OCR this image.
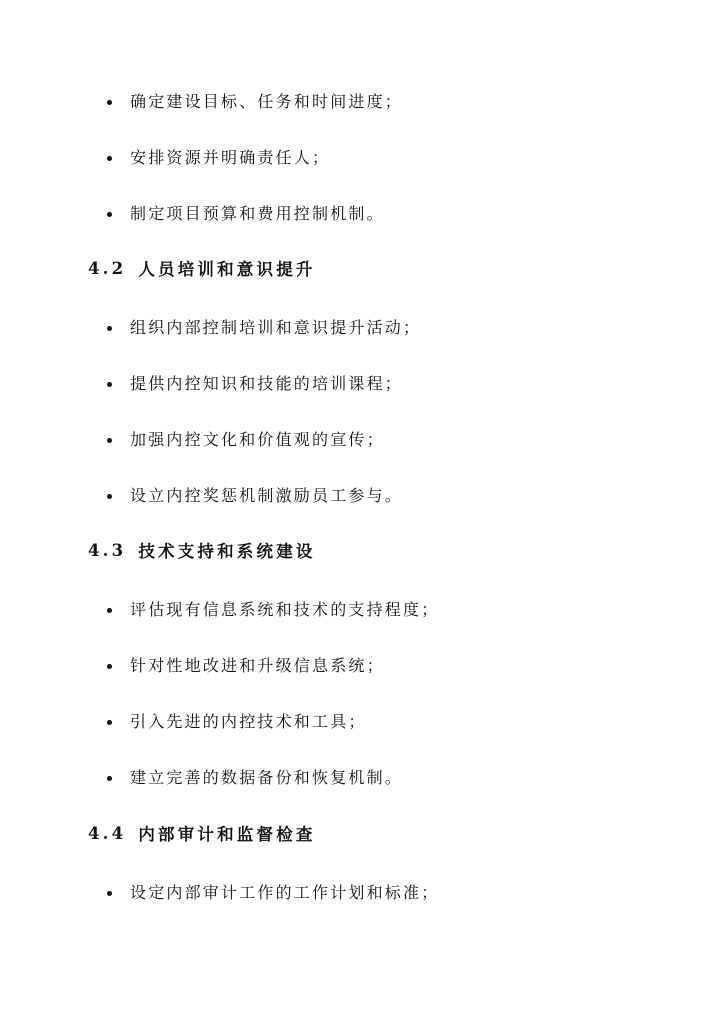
确定建设目标、任务和时间进度；
安排资源并明确责任人；
制定项目预算和费用控制机制。
4.2 人员培训和意识提升
组织内部控制培训和意识提升活动；
提供内控知识和技能的培训课程；
加强内控文化和价值观的宣传；
设立内控奖惩机制激励员工参与。
4.3 技术支持和系统建设
评估现有信息系统和技术的支持程度；
针对性地改进和升级信息系统；
引入先进的内控技术和工具；
建立完善的数据备份和恢复机制。
4.4 内部审计和监督检查
设定内部审计工作的工作计划和标准；
